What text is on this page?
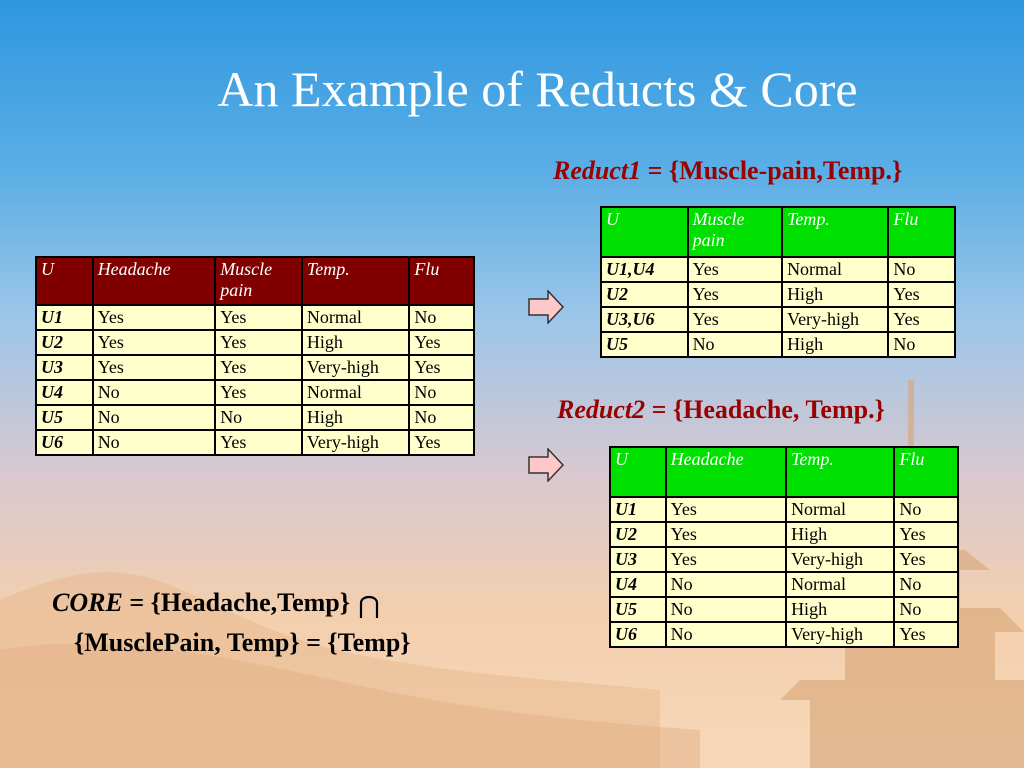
An Example of Reducts & Core
Reduct1 = {Muscle-pain,Temp.}
Reduct2 = {Headache, Temp.}
U	Headache	Muscle pain	Temp.	Flu
U1	Yes	Yes	Normal	No
U2	Yes	Yes	High	Yes
U3	Yes	Yes	Very-high	Yes
U4	No	Yes	Normal	No
U5	No	No	High	No
U6	No	Yes	Very-high	Yes
U	Muscle pain	Temp.	Flu
U1,U4	Yes	Normal	No
U2	Yes	High	Yes
U3,U6	Yes	Very-high	Yes
U5	No	High	No
U	Headache	Temp.	Flu
U1	Yes	Normal	No
U2	Yes	High	Yes
U3	Yes	Very-high	Yes
U4	No	Normal	No
U5	No	High	No
U6	No	Very-high	Yes
CORE = {Headache,Temp}
{MusclePain, Temp} = {Temp}
